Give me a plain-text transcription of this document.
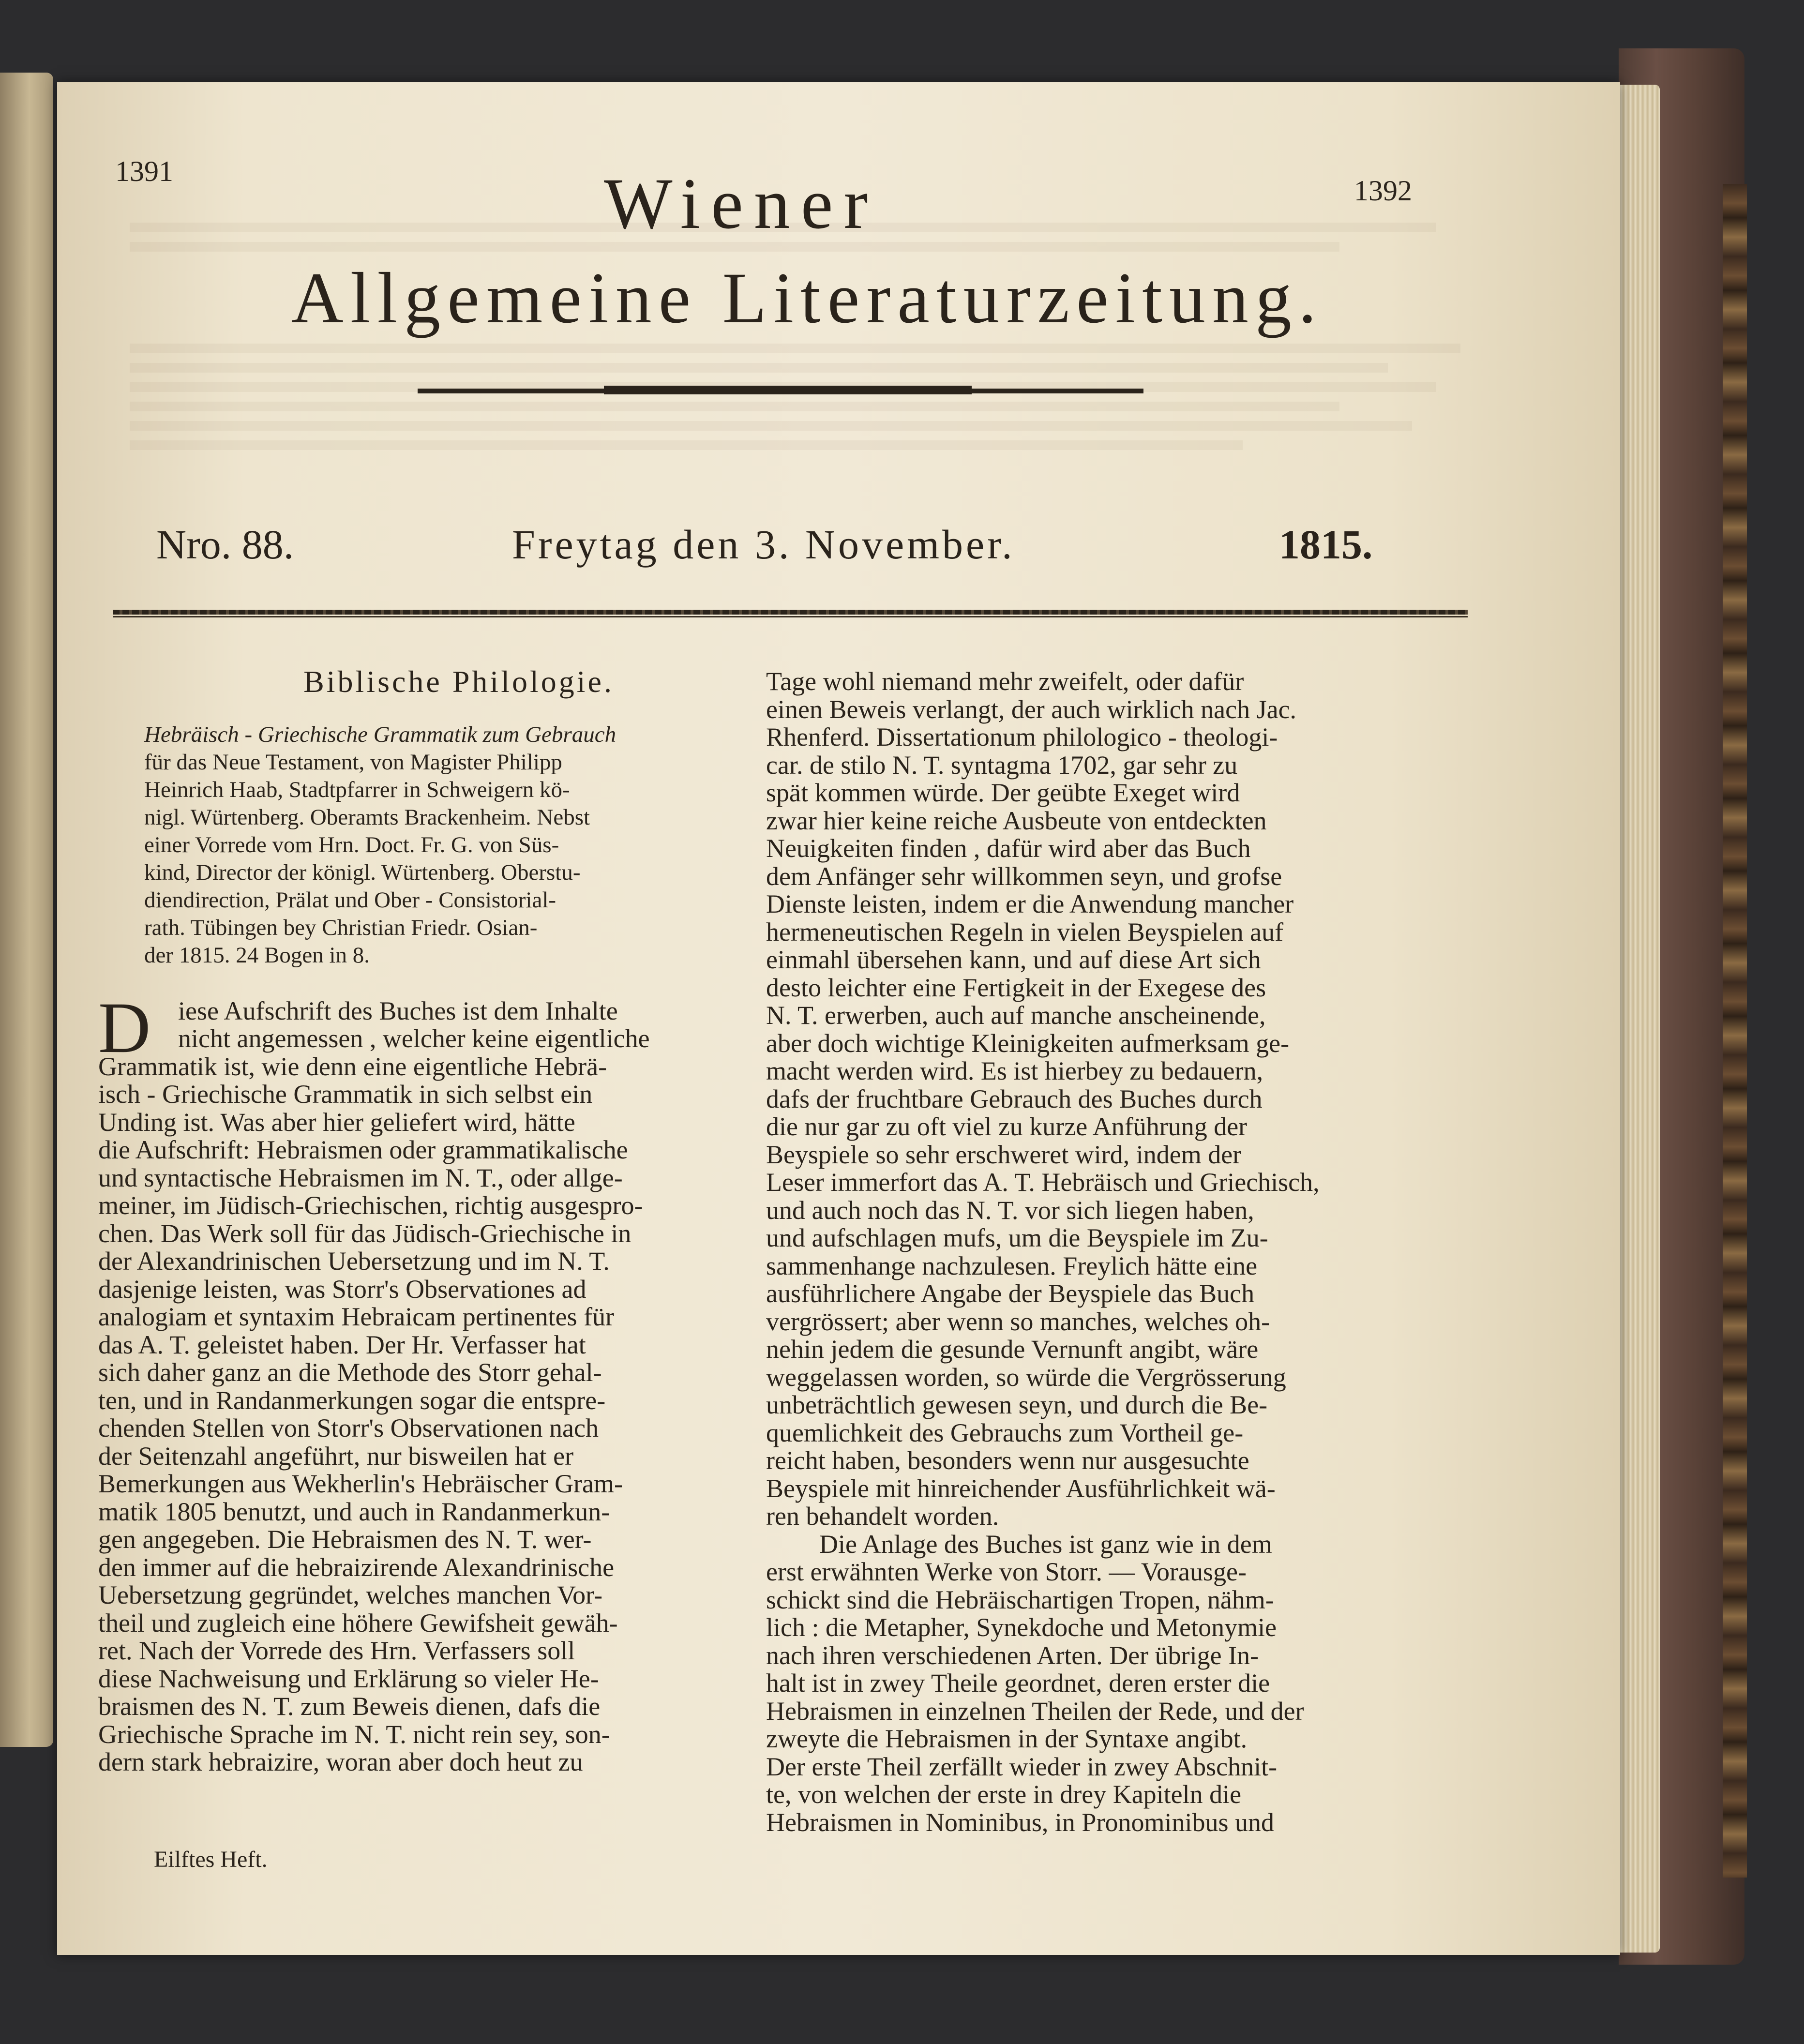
1391
1392
Wiener
Allgemeine Literaturzeitung.
Nro. 88.	Freytag den 3. November.	1815.
Biblische Philologie.
Hebräisch - Griechische Grammatik zum Gebrauch
für das Neue Testament, von Magister Philipp
Heinrich Haab, Stadtpfarrer in Schweigern kö-
nigl. Würtenberg. Oberamts Brackenheim. Nebst
einer Vorrede vom Hrn. Doct. Fr. G. von Süs-
kind, Director der königl. Würtenberg. Oberstu-
diendirection, Prälat und Ober - Consistorial-
rath. Tübingen bey Christian Friedr. Osian-
der 1815. 24 Bogen in 8.
D	iese Aufschrift des Buches ist dem Inhalte
nicht angemessen , welcher keine eigentliche
Grammatik ist, wie denn eine eigentliche Hebrä-
isch - Griechische Grammatik in sich selbst ein
Unding ist. Was aber hier geliefert wird, hätte
die Aufschrift: Hebraismen oder grammatikalische
und syntactische Hebraismen im N. T., oder allge-
meiner, im Jüdisch-Griechischen, richtig ausgespro-
chen. Das Werk soll für das Jüdisch-Griechische in
der Alexandrinischen Uebersetzung und im N. T.
dasjenige leisten, was Storr's Observationes ad
analogiam et syntaxim Hebraicam pertinentes für
das A. T. geleistet haben. Der Hr. Verfasser hat
sich daher ganz an die Methode des Storr gehal-
ten, und in Randanmerkungen sogar die entspre-
chenden Stellen von Storr's Observationen nach
der Seitenzahl angeführt, nur bisweilen hat er
Bemerkungen aus Wekherlin's Hebräischer Gram-
matik 1805 benutzt, und auch in Randanmerkun-
gen angegeben. Die Hebraismen des N. T. wer-
den immer auf die hebraizirende Alexandrinische
Uebersetzung gegründet, welches manchen Vor-
theil und zugleich eine höhere Gewifsheit gewäh-
ret. Nach der Vorrede des Hrn. Verfassers soll
diese Nachweisung und Erklärung so vieler He-
braismen des N. T. zum Beweis dienen, dafs die
Griechische Sprache im N. T. nicht rein sey, son-
dern stark hebraizire, woran aber doch heut zu
Tage wohl niemand mehr zweifelt, oder dafür
einen Beweis verlangt, der auch wirklich nach Jac.
Rhenferd. Dissertationum philologico - theologi-
car. de stilo N. T. syntagma 1702, gar sehr zu
spät kommen würde. Der geübte Exeget wird
zwar hier keine reiche Ausbeute von entdeckten
Neuigkeiten finden , dafür wird aber das Buch
dem Anfänger sehr willkommen seyn, und grofse
Dienste leisten, indem er die Anwendung mancher
hermeneutischen Regeln in vielen Beyspielen auf
einmahl übersehen kann, und auf diese Art sich
desto leichter eine Fertigkeit in der Exegese des
N. T. erwerben, auch auf manche anscheinende,
aber doch wichtige Kleinigkeiten aufmerksam ge-
macht werden wird. Es ist hierbey zu bedauern,
dafs der fruchtbare Gebrauch des Buches durch
die nur gar zu oft viel zu kurze Anführung der
Beyspiele so sehr erschweret wird, indem der
Leser immerfort das A. T. Hebräisch und Griechisch,
und auch noch das N. T. vor sich liegen haben,
und aufschlagen mufs, um die Beyspiele im Zu-
sammenhange nachzulesen. Freylich hätte eine
ausführlichere Angabe der Beyspiele das Buch
vergrössert; aber wenn so manches, welches oh-
nehin jedem die gesunde Vernunft angibt, wäre
weggelassen worden, so würde die Vergrösserung
unbeträchtlich gewesen seyn, und durch die Be-
quemlichkeit des Gebrauchs zum Vortheil ge-
reicht haben, besonders wenn nur ausgesuchte
Beyspiele mit hinreichender Ausführlichkeit wä-
ren behandelt worden.
Die Anlage des Buches ist ganz wie in dem
erst erwähnten Werke von Storr. — Vorausge-
schickt sind die Hebräischartigen Tropen, nähm-
lich : die Metapher, Synekdoche und Metonymie
nach ihren verschiedenen Arten. Der übrige In-
halt ist in zwey Theile geordnet, deren erster die
Hebraismen in einzelnen Theilen der Rede, und der
zweyte die Hebraismen in der Syntaxe angibt.
Der erste Theil zerfällt wieder in zwey Abschnit-
te, von welchen der erste in drey Kapiteln die
Hebraismen in Nominibus, in Pronominibus und
Eilftes Heft.
